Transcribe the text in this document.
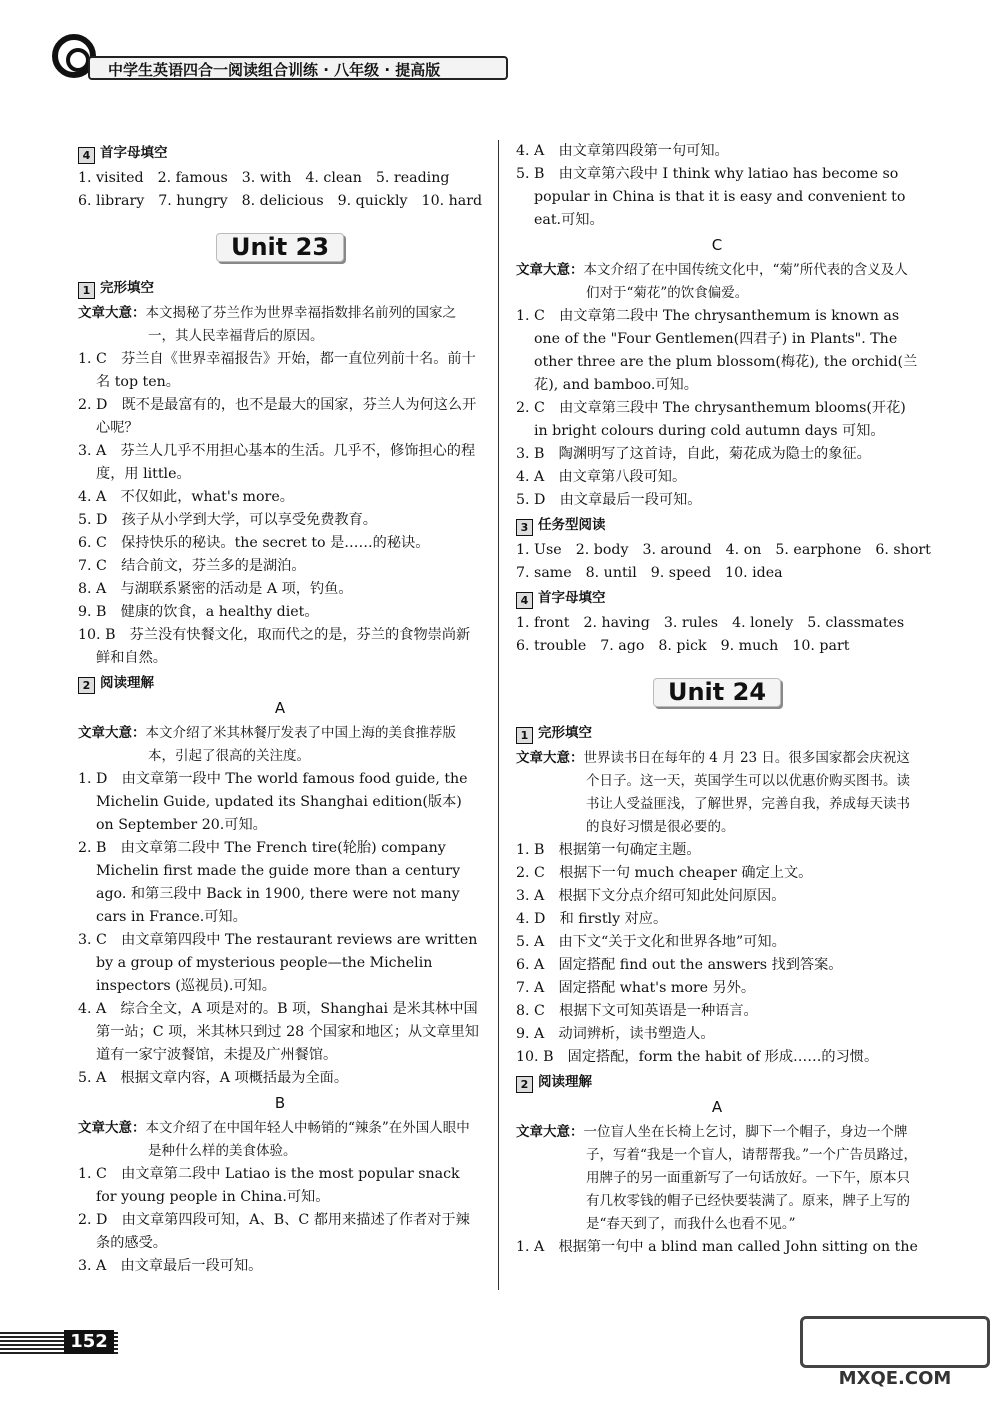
中学生英语四合一阅读组合训练 · 八年级 · 提高版
4 首字母填空
1. visited 2. famous 3. with 4. clean 5. reading
6. library 7. hungry 8. delicious 9. quickly 10. hard
Unit 23
1 完形填空
文章大意：本文揭秘了芬兰作为世界幸福指数排名前列的国家之一，其人民幸福背后的原因。
1. C　芬兰自《世界幸福报告》开始，都一直位列前十名。前十名 top ten。
2. D　既不是最富有的，也不是最大的国家，芬兰人为何这么开心呢？
3. A　芬兰人几乎不用担心基本的生活。几乎不，修饰担心的程度，用 little。
4. A　不仅如此，what's more。
5. D　孩子从小学到大学，可以享受免费教育。
6. C　保持快乐的秘诀。the secret to 是……的秘诀。
7. C　结合前文，芬兰多的是湖泊。
8. A　与湖联系紧密的活动是 A 项，钓鱼。
9. B　健康的饮食，a healthy diet。
10. B　芬兰没有快餐文化，取而代之的是，芬兰的食物崇尚新鲜和自然。
2 阅读理解
A
文章大意：本文介绍了米其林餐厅发表了中国上海的美食推荐版本，引起了很高的关注度。
1. D　由文章第一段中 The world famous food guide, the Michelin Guide, updated its Shanghai edition(版本) on September 20.可知。
2. B　由文章第二段中 The French tire(轮胎) company Michelin first made the guide more than a century ago. 和第三段中 Back in 1900, there were not many cars in France.可知。
3. C　由文章第四段中 The restaurant reviews are written by a group of mysterious people—the Michelin inspectors (巡视员).可知。
4. A　综合全文，A 项是对的。B 项，Shanghai 是米其林中国第一站；C 项，米其林只到过 28 个国家和地区；从文章里知道有一家宁波餐馆，未提及广州餐馆。
5. A　根据文章内容，A 项概括最为全面。
B
文章大意：本文介绍了在中国年轻人中畅销的“辣条”在外国人眼中是种什么样的美食体验。
1. C　由文章第二段中 Latiao is the most popular snack for young people in China.可知。
2. D　由文章第四段可知，A、B、C 都用来描述了作者对于辣条的感受。
3. A　由文章最后一段可知。
4. A　由文章第四段第一句可知。
5. B　由文章第六段中 I think why latiao has become so popular in China is that it is easy and convenient to eat.可知。
C
文章大意：本文介绍了在中国传统文化中，“菊”所代表的含义及人们对于“菊花”的饮食偏爱。
1. C　由文章第二段中 The chrysanthemum is known as one of the "Four Gentlemen(四君子) in Plants". The other three are the plum blossom(梅花), the orchid(兰花), and bamboo.可知。
2. C　由文章第三段中 The chrysanthemum blooms(开花) in bright colours during cold autumn days 可知。
3. B　陶渊明写了这首诗，自此，菊花成为隐士的象征。
4. A　由文章第八段可知。
5. D　由文章最后一段可知。
3 任务型阅读
1. Use 2. body 3. around 4. on 5. earphone 6. short
7. same 8. until 9. speed 10. idea
4 首字母填空
1. front 2. having 3. rules 4. lonely 5. classmates
6. trouble 7. ago 8. pick 9. much 10. part
Unit 24
1 完形填空
文章大意：世界读书日在每年的 4 月 23 日。很多国家都会庆祝这个日子。这一天，英国学生可以以优惠价购买图书。读书让人受益匪浅，了解世界，完善自我，养成每天读书的良好习惯是很必要的。
1. B　根据第一句确定主题。
2. C　根据下一句 much cheaper 确定上文。
3. A　根据下文分点介绍可知此处问原因。
4. D　和 firstly 对应。
5. A　由下文“关于文化和世界各地”可知。
6. A　固定搭配 find out the answers 找到答案。
7. A　固定搭配 what's more 另外。
8. C　根据下文可知英语是一种语言。
9. A　动词辨析，读书塑造人。
10. B　固定搭配，form the habit of 形成……的习惯。
2 阅读理解
A
文章大意：一位盲人坐在长椅上乞讨，脚下一个帽子，身边一个牌子，写着“我是一个盲人，请帮帮我。”一个广告员路过，用牌子的另一面重新写了一句话放好。一下午，原本只有几枚零钱的帽子已经快要装满了。原来，牌子上写的是“春天到了，而我什么也看不见。”
1. A　根据第一句中 a blind man called John sitting on the
152
MXQE.COM
